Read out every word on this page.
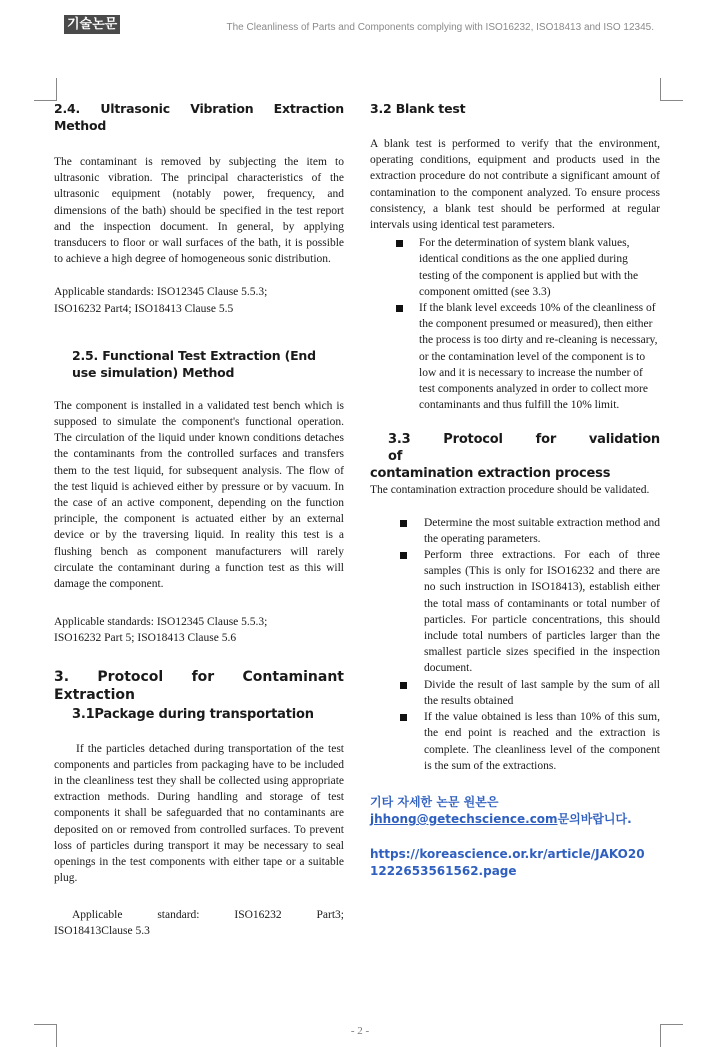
기술논문	The Cleanliness of Parts and Components complying with ISO16232, ISO18413 and ISO 12345.
2.4. Ultrasonic Vibration Extraction Method

The contaminant is removed by subjecting the item to ultrasonic vibration. The principal characteristics of the ultrasonic equipment (notably power, frequency, and dimensions of the bath) should be specified in the test report and the inspection document. In general, by applying transducers to floor or wall surfaces of the bath, it is possible to achieve a high degree of homogeneous sonic distribution.

Applicable standards: ISO12345 Clause 5.5.3;

ISO16232 Part4; ISO18413 Clause 5.5

2.5. Functional Test Extraction (End use simulation) Method

The component is installed in a validated test bench which is supposed to simulate the component's functional operation. The circulation of the liquid under known conditions detaches the contaminants from the controlled surfaces and transfers them to the test liquid, for subsequent analysis. The flow of the test liquid is achieved either by pressure or by vacuum. In the case of an active component, depending on the function principle, the component is actuated either by an external device or by the traversing liquid. In reality this test is a flushing bench as component manufacturers will rarely circulate the contaminant during a function test as this will damage the component.

Applicable standards: ISO12345 Clause 5.5.3;

ISO16232 Part 5; ISO18413 Clause 5.6

3. Protocol for Contaminant Extraction
3.1Package during transportation

If the particles detached during transportation of the test components and particles from packaging have to be included in the cleanliness test they shall be collected using appropriate extraction methods. During handling and storage of test components it shall be safeguarded that no contaminants are deposited on or removed from controlled surfaces. To prevent loss of particles during transport it may be necessary to seal openings in the test components with either tape or a suitable plug.

Applicable standard: ISO16232 Part3;

ISO18413Clause 5.3

3.2 Blank test

A blank test is performed to verify that the environment, operating conditions, equipment and products used in the extraction procedure do not contribute a significant amount of contamination to the component analyzed. To ensure process consistency, a blank test should be performed at regular intervals using identical test parameters.

For the determination of system blank values, identical conditions as the one applied during testing of the component is applied but with the component omitted (see 3.3)
If the blank level exceeds 10% of the cleanliness of the component presumed or measured), then either the process is too dirty and re-cleaning is necessary, or the contamination level of the component is to low and it is necessary to increase the number of test components analyzed in order to collect more contaminants and thus fulfill the 10% limit.
3.3 Protocol for validation of
contamination extraction process

The contamination extraction procedure should be validated.

Determine the most suitable extraction method and the operating parameters.
Perform three extractions. For each of three samples (This is only for ISO16232 and there are no such instruction in ISO18413), establish either the total mass of contaminants or total number of particles. For particle concentrations, this should include total numbers of particles larger than the smallest particle sizes specified in the inspection document.
Divide the result of last sample by the sum of all the results obtained
If the value obtained is less than 10% of this sum, the end point is reached and the extraction is complete. The cleanliness level of the component is the sum of the extractions.

기타 자세한 논문 원본은

jhhong@getechscience.com문의바랍니다.

https://koreascience.or.kr/article/JAKO20

1222653561562.page

- 2 -
